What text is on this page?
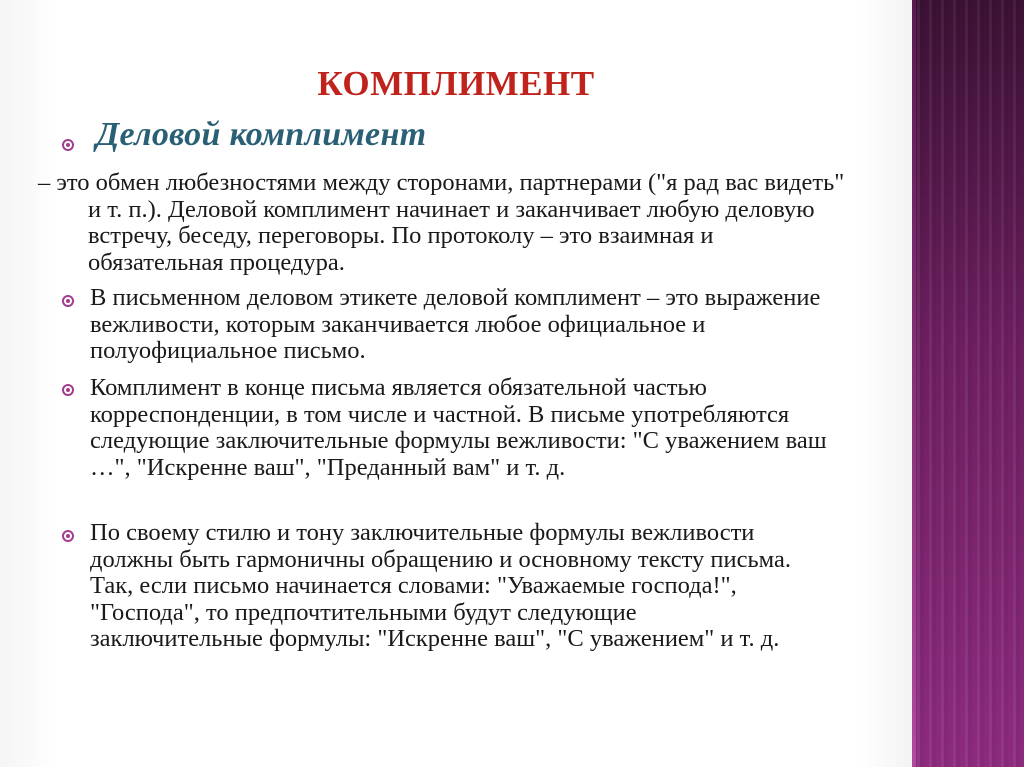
КОМПЛИМЕНТ
Деловой комплимент

– это обмен любезностями между сторонами, партнерами ("я рад вас видеть" и т. п.). Деловой комплимент начинает и заканчивает любую деловую встречу, беседу, переговоры. По протоколу – это взаимная и обязательная процедура.

В письменном деловом этикете деловой комплимент – это выражение вежливости, которым заканчивается любое официальное и полуофициальное письмо.

Комплимент в конце письма является обязательной частью корреспонденции, в том числе и частной. В письме употребляются следующие заключительные формулы вежливости: "С уважением ваш …", "Искренне ваш", "Преданный вам" и т. д.

По своему стилю и тону заключительные формулы вежливости должны быть гармоничны обращению и основному тексту письма. Так, если письмо начинается словами: "Уважаемые господа!", "Господа", то предпочтительными будут следующие заключительные формулы: "Искренне ваш", "С уважением" и т. д.
